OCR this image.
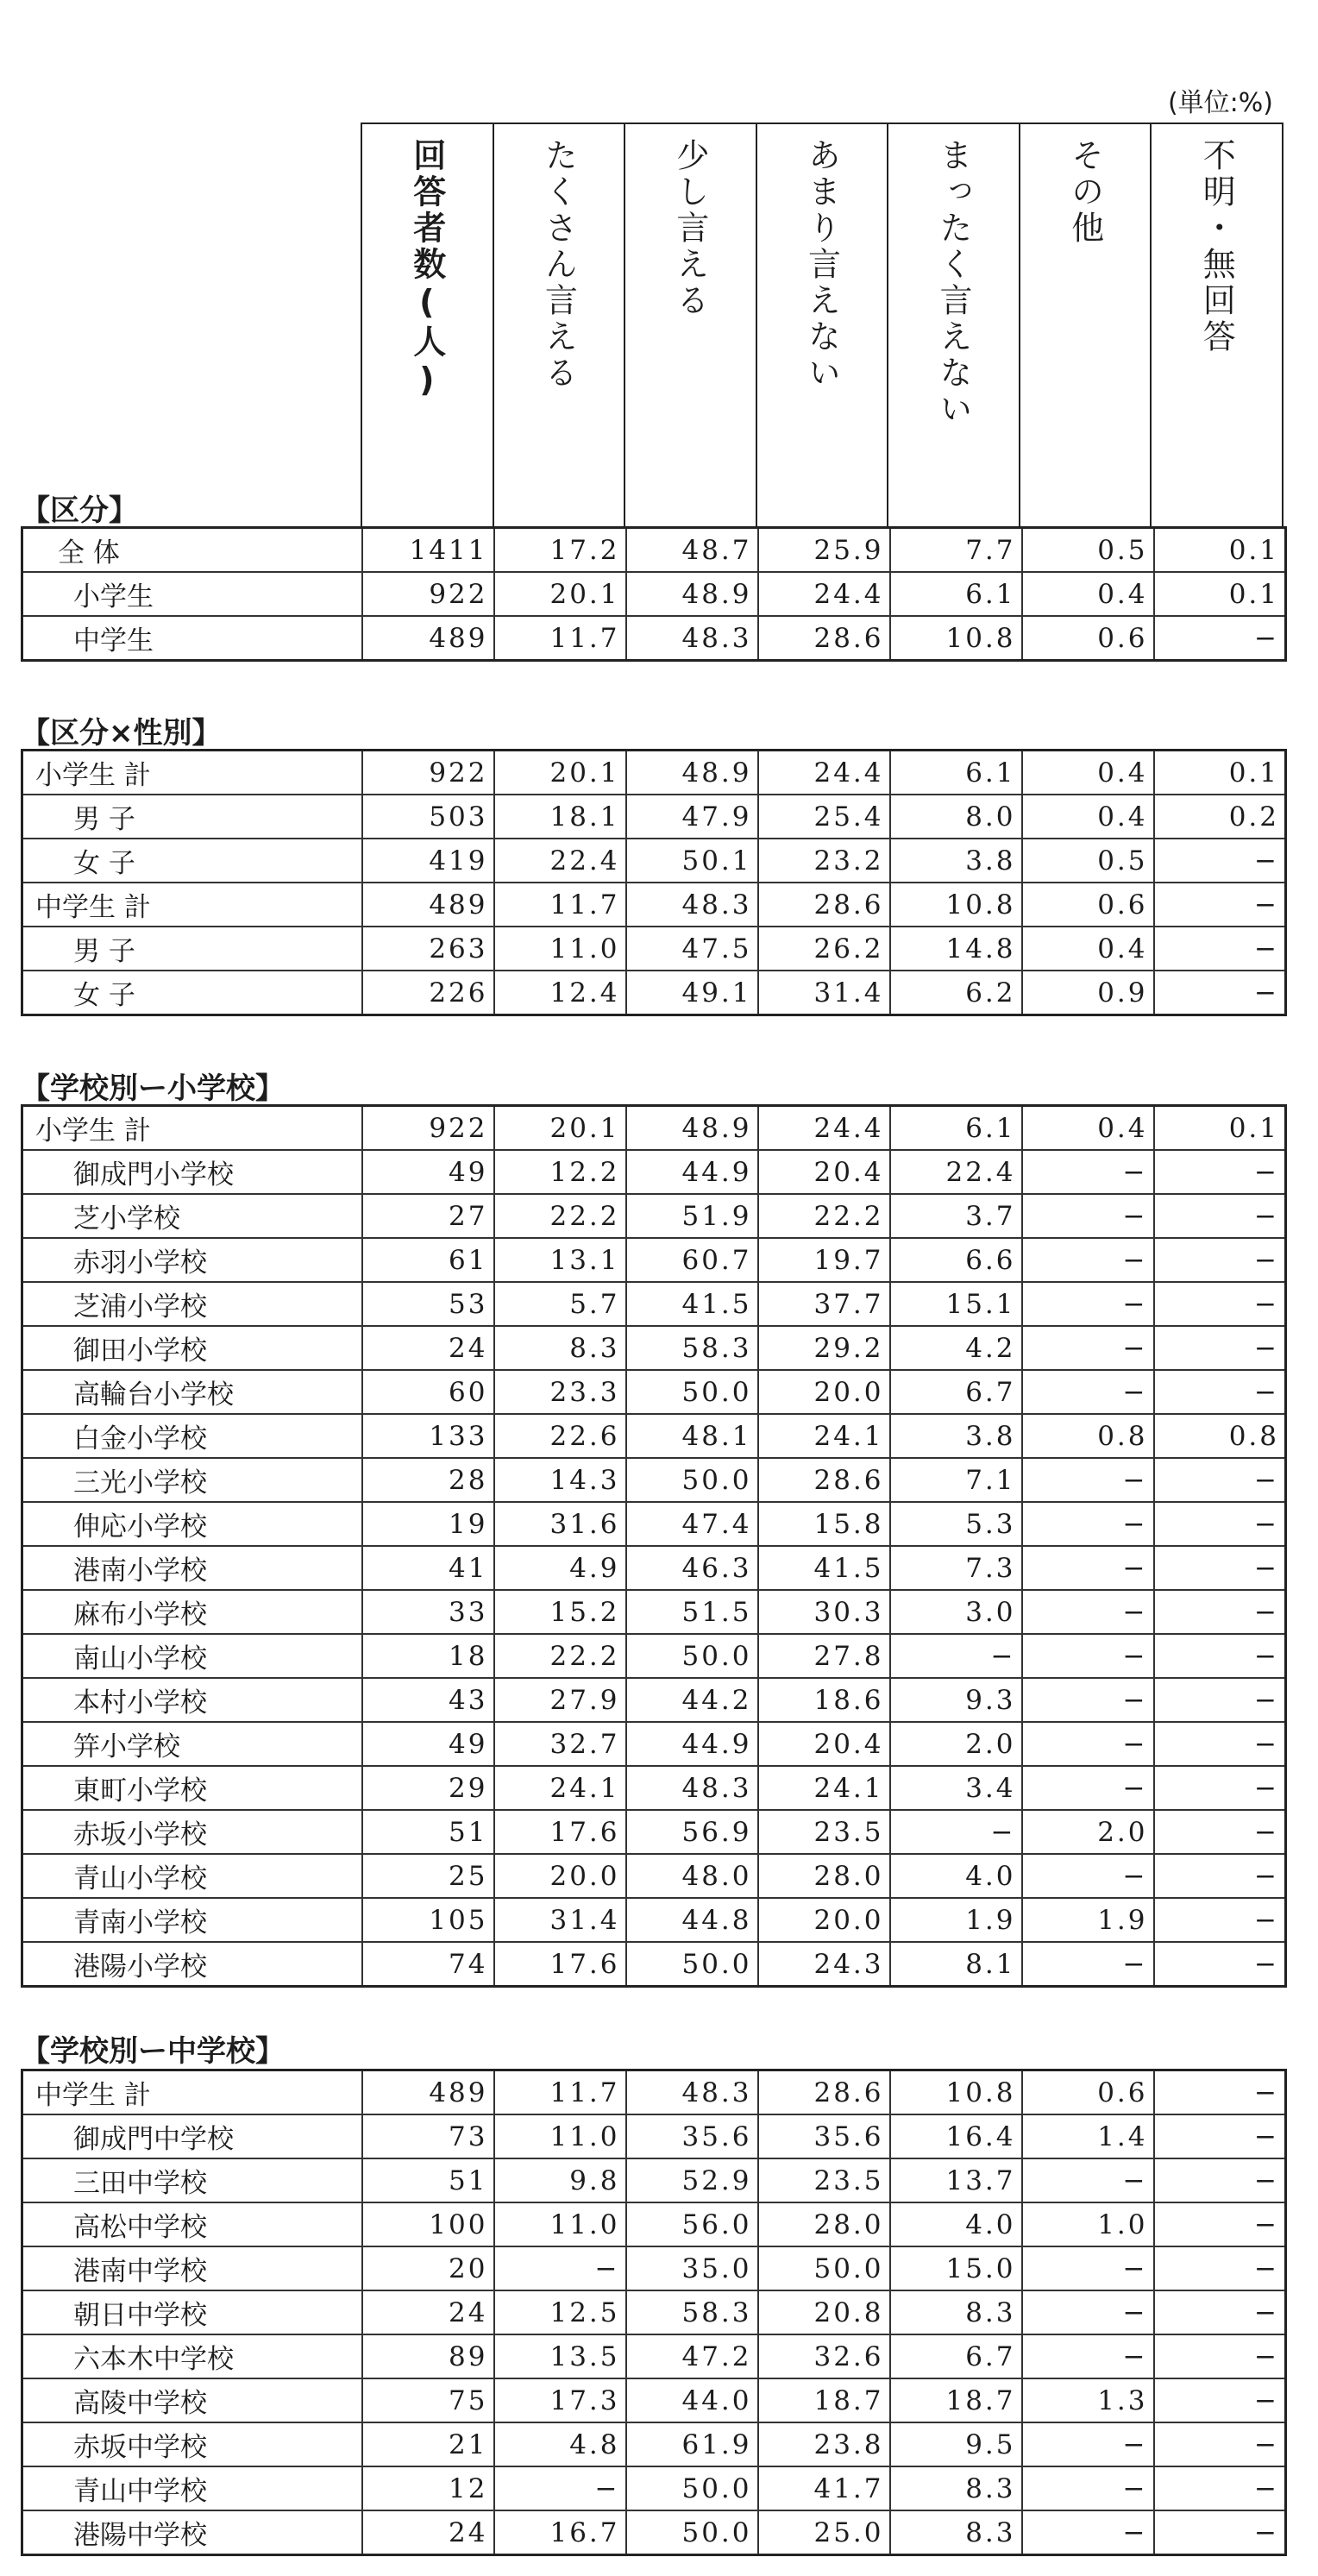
(単位:%)
回答者数(人)	たくさん言える	少し言える	あまり言えない	まったく言えない	その他	不明・無回答
【区分】
全 体	1411	17.2	48.7	25.9	7.7	0.5	0.1
小学生	922	20.1	48.9	24.4	6.1	0.4	0.1
中学生	489	11.7	48.3	28.6	10.8	0.6	−
【区分×性別】
小学生 計	922	20.1	48.9	24.4	6.1	0.4	0.1
男 子	503	18.1	47.9	25.4	8.0	0.4	0.2
女 子	419	22.4	50.1	23.2	3.8	0.5	−
中学生 計	489	11.7	48.3	28.6	10.8	0.6	−
男 子	263	11.0	47.5	26.2	14.8	0.4	−
女 子	226	12.4	49.1	31.4	6.2	0.9	−
【学校別ー小学校】
小学生 計	922	20.1	48.9	24.4	6.1	0.4	0.1
御成門小学校	49	12.2	44.9	20.4	22.4	−	−
芝小学校	27	22.2	51.9	22.2	3.7	−	−
赤羽小学校	61	13.1	60.7	19.7	6.6	−	−
芝浦小学校	53	5.7	41.5	37.7	15.1	−	−
御田小学校	24	8.3	58.3	29.2	4.2	−	−
高輪台小学校	60	23.3	50.0	20.0	6.7	−	−
白金小学校	133	22.6	48.1	24.1	3.8	0.8	0.8
三光小学校	28	14.3	50.0	28.6	7.1	−	−
伸応小学校	19	31.6	47.4	15.8	5.3	−	−
港南小学校	41	4.9	46.3	41.5	7.3	−	−
麻布小学校	33	15.2	51.5	30.3	3.0	−	−
南山小学校	18	22.2	50.0	27.8	−	−	−
本村小学校	43	27.9	44.2	18.6	9.3	−	−
笄小学校	49	32.7	44.9	20.4	2.0	−	−
東町小学校	29	24.1	48.3	24.1	3.4	−	−
赤坂小学校	51	17.6	56.9	23.5	−	2.0	−
青山小学校	25	20.0	48.0	28.0	4.0	−	−
青南小学校	105	31.4	44.8	20.0	1.9	1.9	−
港陽小学校	74	17.6	50.0	24.3	8.1	−	−
【学校別ー中学校】
中学生 計	489	11.7	48.3	28.6	10.8	0.6	−
御成門中学校	73	11.0	35.6	35.6	16.4	1.4	−
三田中学校	51	9.8	52.9	23.5	13.7	−	−
高松中学校	100	11.0	56.0	28.0	4.0	1.0	−
港南中学校	20	−	35.0	50.0	15.0	−	−
朝日中学校	24	12.5	58.3	20.8	8.3	−	−
六本木中学校	89	13.5	47.2	32.6	6.7	−	−
高陵中学校	75	17.3	44.0	18.7	18.7	1.3	−
赤坂中学校	21	4.8	61.9	23.8	9.5	−	−
青山中学校	12	−	50.0	41.7	8.3	−	−
港陽中学校	24	16.7	50.0	25.0	8.3	−	−
